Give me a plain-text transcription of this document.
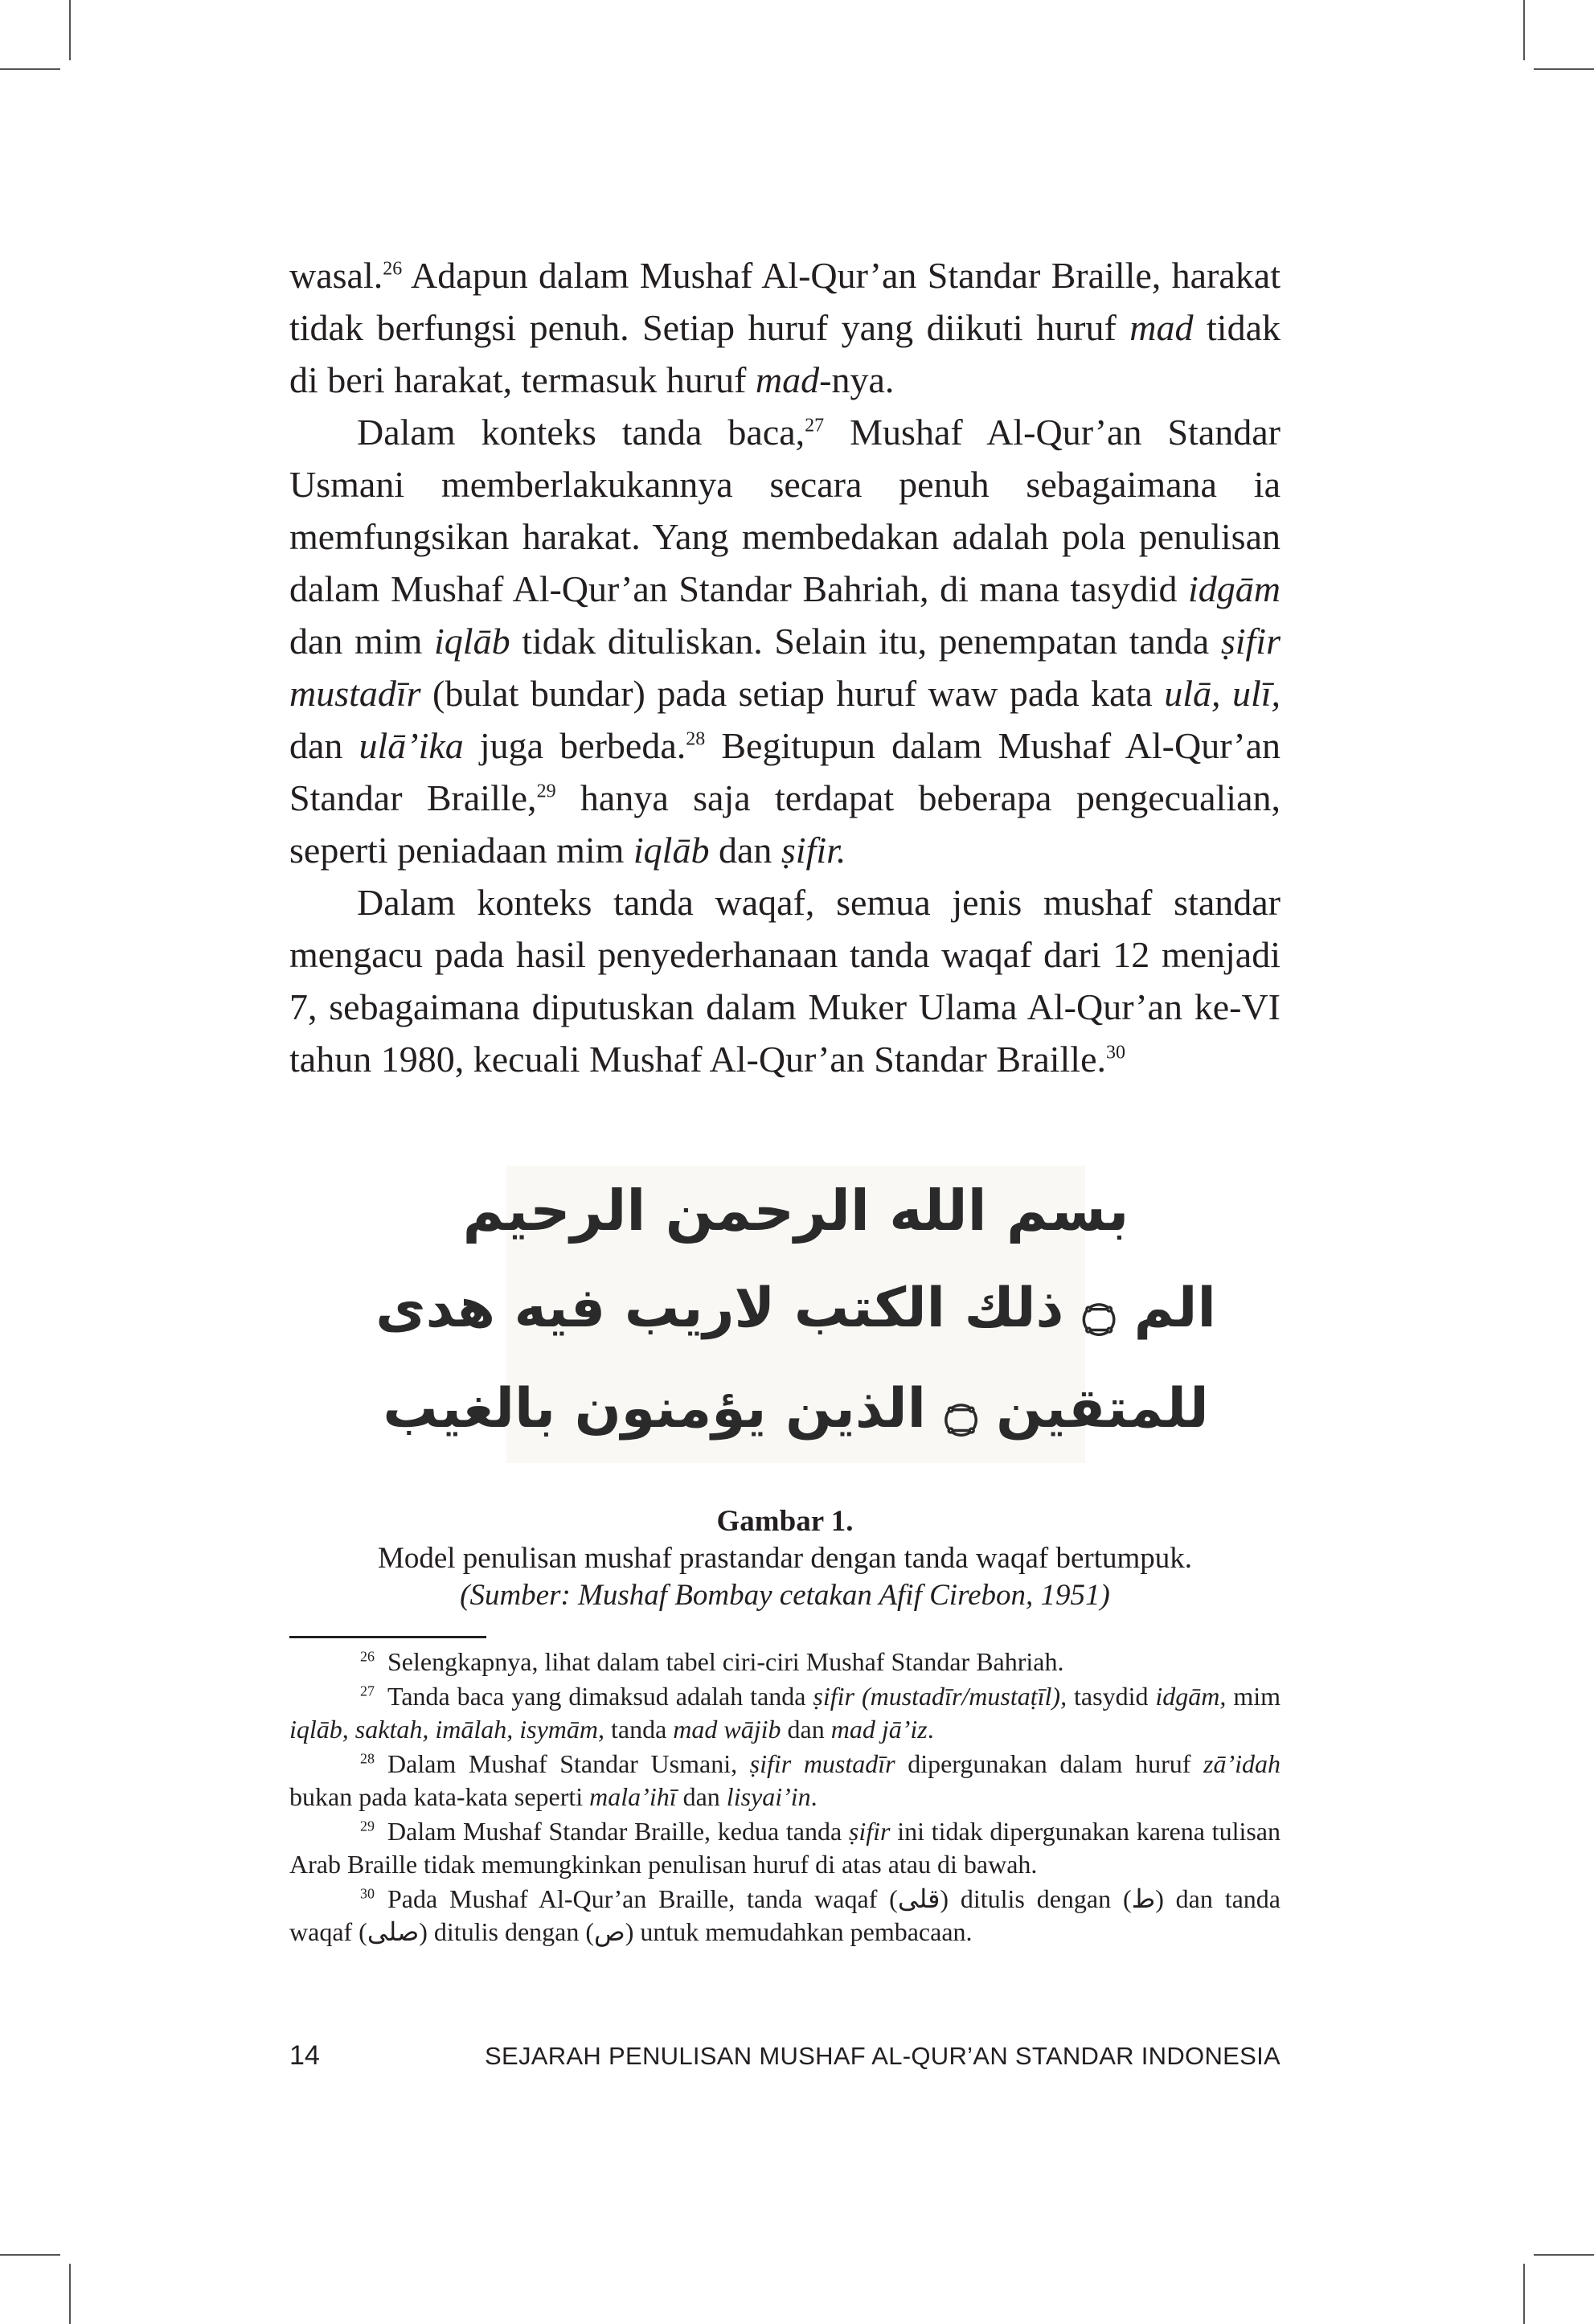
wasal.$^{26}$ Adapun dalam Mushaf Al-Qur’an Standar Braille, harakat tidak berfungsi penuh. Setiap huruf yang diikuti huruf mad tidak di beri harakat, termasuk huruf mad-nya.

Dalam konteks tanda baca,$^{27}$ Mushaf Al-Qur’an Standar Usmani memberlakukannya secara penuh sebagaimana ia memfungsikan harakat. Yang membedakan adalah pola penulisan dalam Mushaf Al-Qur’an Standar Bahriah, di mana tasydid idgām dan mim iqlāb tidak dituliskan. Selain itu, penempatan tanda ṣifir mustadīr (bulat bundar) pada setiap huruf waw pada kata ulā, ulī, dan ulā’ika juga berbeda.$^{28}$ Begitupun dalam Mushaf Al-Qur’an Standar Braille,$^{29}$ hanya saja terdapat beberapa pengecualian, seperti peniadaan mim iqlāb dan ṣifir.

Dalam konteks tanda waqaf, semua jenis mushaf standar mengacu pada hasil penyederhanaan tanda waqaf dari 12 menjadi 7, sebagaimana diputuskan dalam Muker Ulama Al-Qur’an ke-VI tahun 1980, kecuali Mushaf Al-Qur’an Standar Braille.$^{30}$

بسم الله الرحمن الرحيم
الم ۝ ذلك الكتب لاريب فيه هدى
للمتقين ۝ الذين يؤمنون بالغيب
Gambar 1.
Model penulisan mushaf prastandar dengan tanda waqaf bertumpuk.
(Sumber: Mushaf Bombay cetakan Afif Cirebon, 1951)

$^{26}$  Selengkapnya, lihat dalam tabel ciri-ciri Mushaf Standar Bahriah.

$^{27}$  Tanda baca yang dimaksud adalah tanda ṣifir (mustadīr/mustaṭīl), tasydid idgām, mim iqlāb, saktah, imālah, isymām, tanda mad wājib dan mad jā’iz.

$^{28}$  Dalam Mushaf Standar Usmani, ṣifir mustadīr dipergunakan dalam huruf zā’idah bukan pada kata-kata seperti mala’ihī dan lisyai’in.

$^{29}$  Dalam Mushaf Standar Braille, kedua tanda ṣifir ini tidak dipergunakan karena tulisan Arab Braille tidak memungkinkan penulisan huruf di atas atau di bawah.

$^{30}$  Pada Mushaf Al-Qur’an Braille, tanda waqaf (قلى) ditulis dengan (ط) dan tanda waqaf (صلى) ditulis dengan (ص) untuk memudahkan pembacaan.

14	SEJARAH PENULISAN MUSHAF AL-QUR’AN STANDAR INDONESIA
